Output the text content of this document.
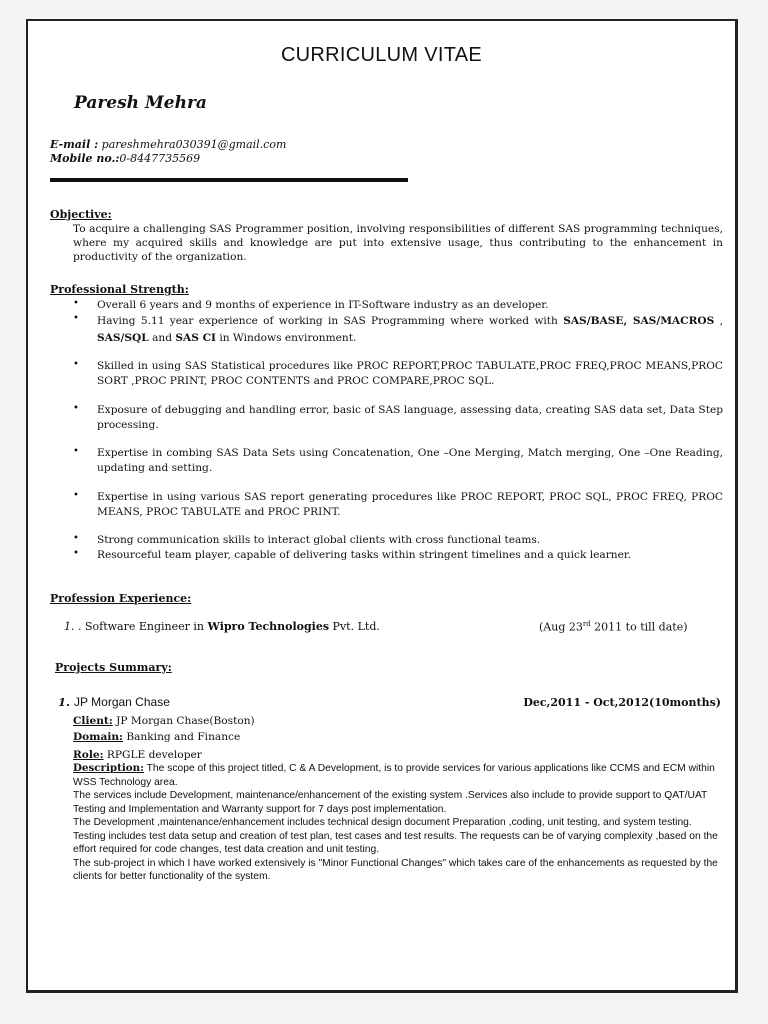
CURRICULUM VITAE
Paresh Mehra
E-mail : pareshmehra030391@gmail.com
Mobile no.:0-8447735569
Objective:
To acquire a challenging SAS Programmer position, involving responsibilities of different SAS programming techniques, where my acquired skills and knowledge are put into extensive usage, thus contributing to the enhancement in productivity of the organization.
Professional Strength:
• Overall 6 years and 9 months of experience in IT-Software industry as an developer.
• Having 5.11 year experience of working in SAS Programming where worked with SAS/BASE, SAS/MACROS , SAS/SQL and SAS CI in Windows environment.
• Skilled in using SAS Statistical procedures like PROC REPORT,PROC TABULATE,PROC FREQ,PROC MEANS,PROC SORT ,PROC PRINT, PROC CONTENTS and PROC COMPARE,PROC SQL.
• Exposure of debugging and handling error, basic of SAS language, assessing data, creating SAS data set, Data Step processing.
• Expertise in combing SAS Data Sets using Concatenation, One –One Merging, Match merging, One –One Reading, updating and setting.
• Expertise in using various SAS report generating procedures like PROC REPORT, PROC SQL, PROC FREQ, PROC MEANS, PROC TABULATE and PROC PRINT.
• Strong communication skills to interact global clients with cross functional teams.
• Resourceful team player, capable of delivering tasks within stringent timelines and a quick learner.
Profession Experience:
1. . Software Engineer in Wipro Technologies Pvt. Ltd.	(Aug 23rd 2011 to till date)
Projects Summary:
1. JP Morgan Chase	Dec,2011 - Oct,2012(10months)
Client: JP Morgan Chase(Boston)
Domain: Banking and Finance
Role: RPGLE developer
Description: The scope of this project titled, C & A Development, is to provide services for various applications like CCMS and ECM within WSS Technology area.
The services include Development, maintenance/enhancement of the existing system .Services also include to provide support to QAT/UAT Testing and Implementation and Warranty support for 7 days post implementation.
The Development ,maintenance/enhancement includes technical design document Preparation ,coding, unit testing, and system testing.
Testing includes test data setup and creation of test plan, test cases and test results. The requests can be of varying complexity ,based on the effort required for code changes, test data creation and unit testing.
The sub-project in which I have worked extensively is "Minor Functional Changes" which takes care of the enhancements as requested by the clients for better functionality of the system.
